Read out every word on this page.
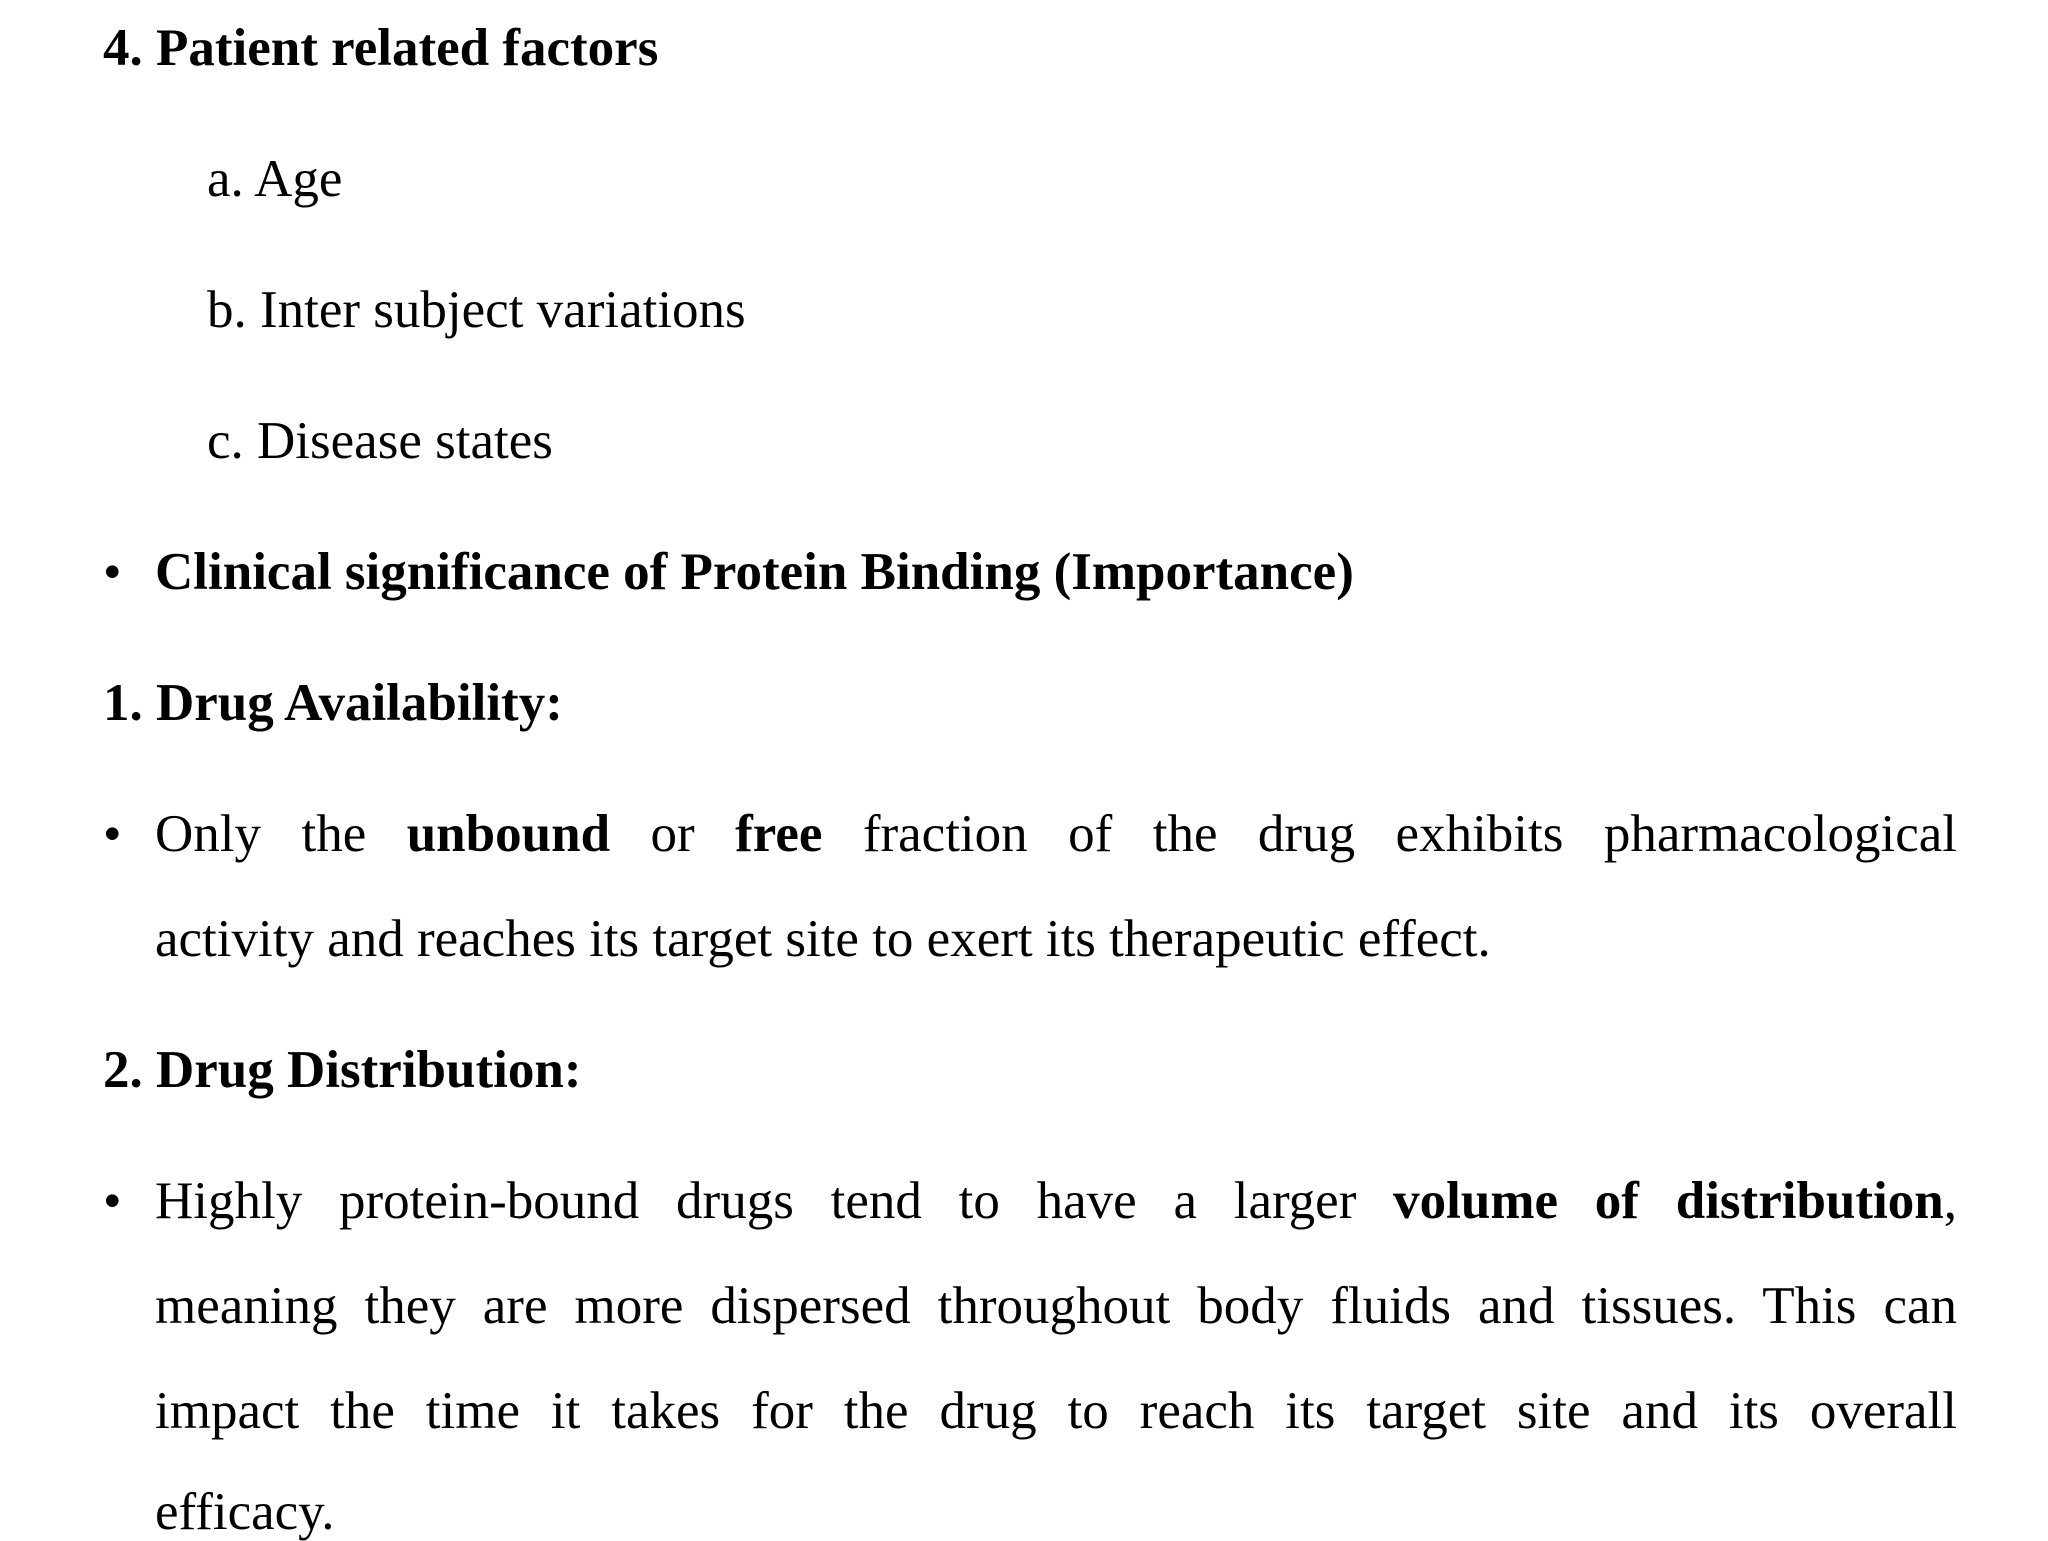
4. Patient related factors
a. Age
b. Inter subject variations
c. Disease states
• Clinical significance of Protein Binding (Importance)
1. Drug Availability:
• Only the unbound or free fraction of the drug exhibits pharmacological
activity and reaches its target site to exert its therapeutic effect.
2. Drug Distribution:
• Highly protein-bound drugs tend to have a larger volume of distribution,
meaning they are more dispersed throughout body fluids and tissues. This can
impact the time it takes for the drug to reach its target site and its overall
efficacy.
